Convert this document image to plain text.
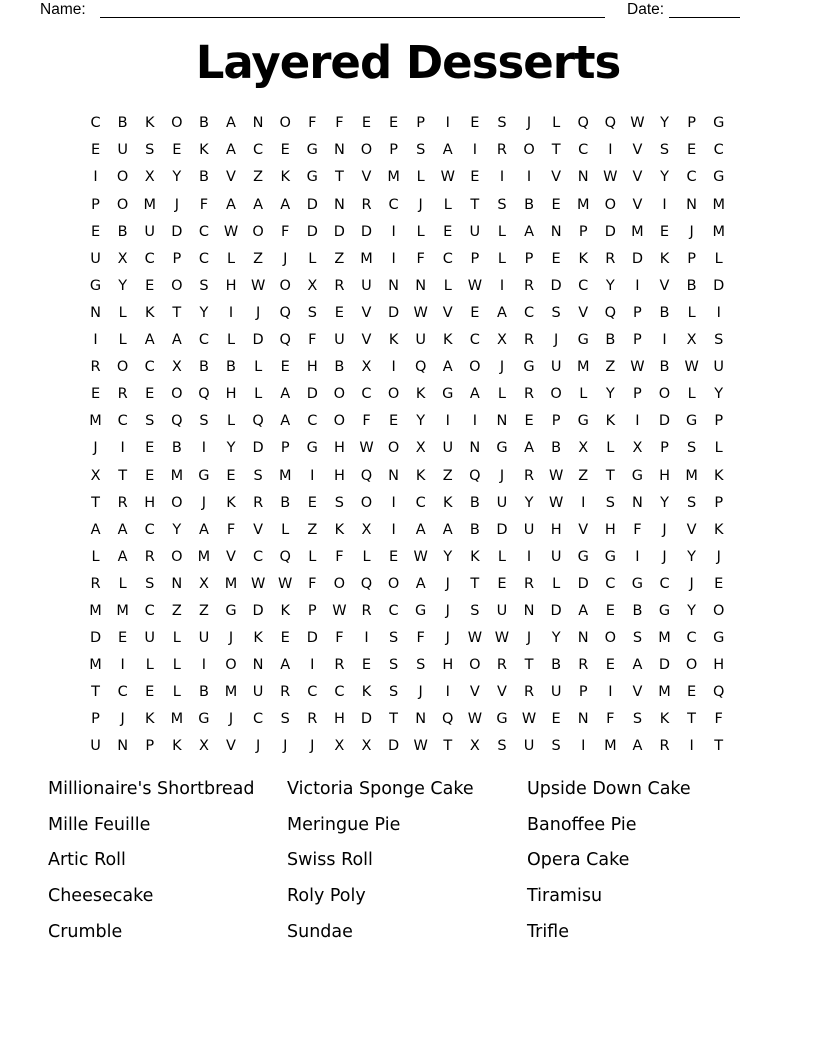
Name:	Date:
Layered Desserts
C	B	K	O	B	A	N	O	F	F	E	E	P	I	E	S	J	L	Q	Q W	Y	P	G
E	U	S	E	K	A	C	E	G	N	O	P	S	A	I	R	O	T	C	I	V	S	E	C
I	O	X	Y	B	V	Z	K	G	T	V	M	L	W	E	I	I	V	N	W	V	Y	C	G
P	O	M	J	F	A	A	A	D	N	R	C	J	L	T	S	B	E	M	O	V	I	N	M
E	B	U	D	C	W O	F	D	D	D	I	L	E	U	L	A	N	P	D	M	E	J	M
U	X	C	P	C	L	Z	J	L	Z	M	I	F	C	P	L	P	E	K	R	D	K	P	L
G	Y	E	O	S	H W O	X	R	U	N	N	L	W	I	R	D	C	Y	I	V	B	D
N	L	K	T	Y	I	J	Q	S	E	V	D W	V	E	A	C	S	V	Q	P	B	L	I
I	L	A	A	C	L	D	Q	F	U	V	K	U	K	C	X	R	J	G	B	P	I	X	S
R	O	C	X	B	B	L	E	H	B	X	I	Q	A	O	J	G	U	M	Z	W	B	W	U
E	R	E	O	Q	H	L	A	D	O	C	O	K	G	A	L	R	O	L	Y	P	O	L	Y
M	C	S	Q	S	L	Q	A	C	O	F	E	Y	I	I	N	E	P	G	K	I	D	G	P
J	I	E	B	I	Y	D	P	G	H W O	X	U	N	G	A	B	X	L	X	P	S	L
X	T	E	M	G	E	S	M	I	H	Q	N	K	Z	Q	J	R	W	Z	T	G	H	M	K
T	R	H	O	J	K	R	B	E	S	O	I	C	K	B	U	Y	W	I	S	N	Y	S	P
A	A	C	Y	A	F	V	L	Z	K	X	I	A	A	B	D	U	H	V	H	F	J	V	K
L	A	R	O	M	V	C	Q	L	F	L	E	W	Y	K	L	I	U	G	G	I	J	Y	J
R	L	S	N	X	M W W	F	O	Q	O	A	J	T	E	R	L	D	C	G	C	J	E
M	M	C	Z	Z	G	D	K	P	W	R	C	G	J	S	U	N	D	A	E	B	G	Y	O
D	E	U	L	U	J	K	E	D	F	I	S	F	J	W W	J	Y	N	O	S	M	C	G
M	I	L	L	I	O	N	A	I	R	E	S	S	H	O	R	T	B	R	E	A	D	O	H
T	C	E	L	B	M	U	R	C	C	K	S	J	I	V	V	R	U	P	I	V	M	E	Q
P	J	K	M	G	J	C	S	R	H	D	T	N	Q W G W	E	N	F	S	K	T	F
U	N	P	K	X	V	J	J	J	X	X	D W	T	X	S	U	S	I	M	A	R	I	T
Millionaire's Shortbread
Mille Feuille
Artic Roll
Cheesecake
Crumble
Victoria Sponge Cake
Meringue Pie
Swiss Roll
Roly Poly
Sundae
Upside Down Cake
Banoffee Pie
Opera Cake
Tiramisu
Trifle
